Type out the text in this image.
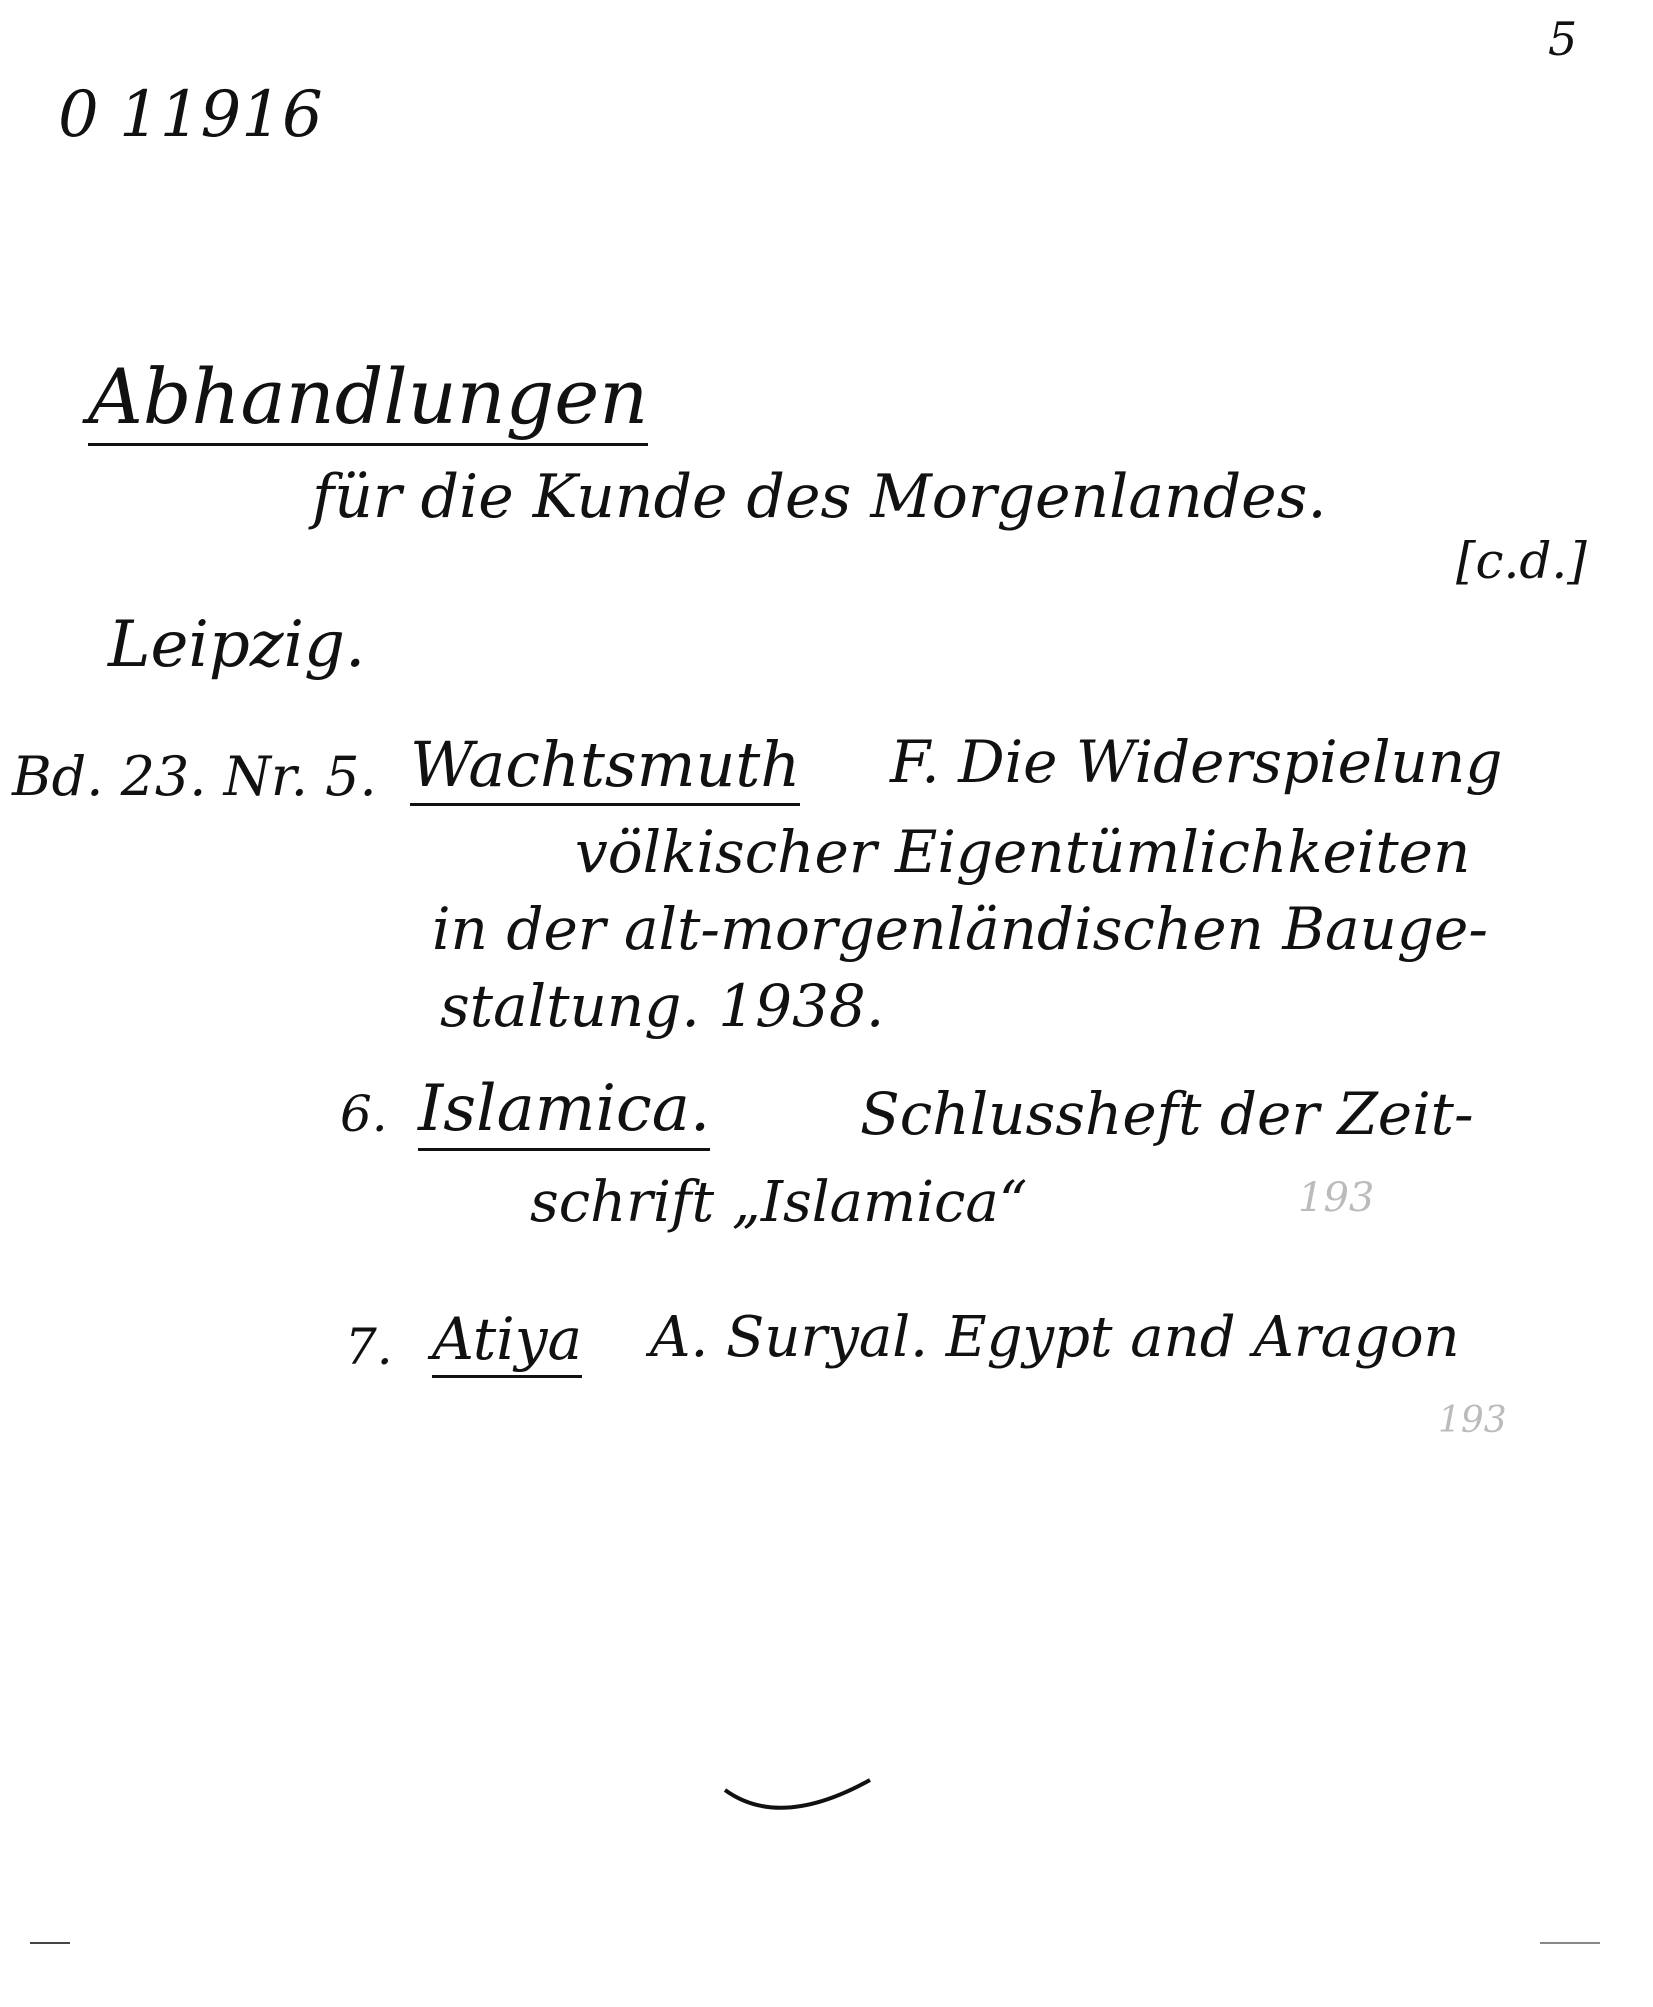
0 11916
5
Abhandlungen
für die Kunde des Morgenlandes.
[c.d.]
Leipzig.
Bd. 23. Nr. 5. Wachtsmuth F. Die Widerspielung
völkischer Eigentümlichkeiten
in der alt-morgenländischen Bauge-
staltung. 1938.
6. Islamica.	Schlussheft der Zeit-
schrift „Islamica“	193
7. Atiya A. Suryal. Egypt and Aragon
193
